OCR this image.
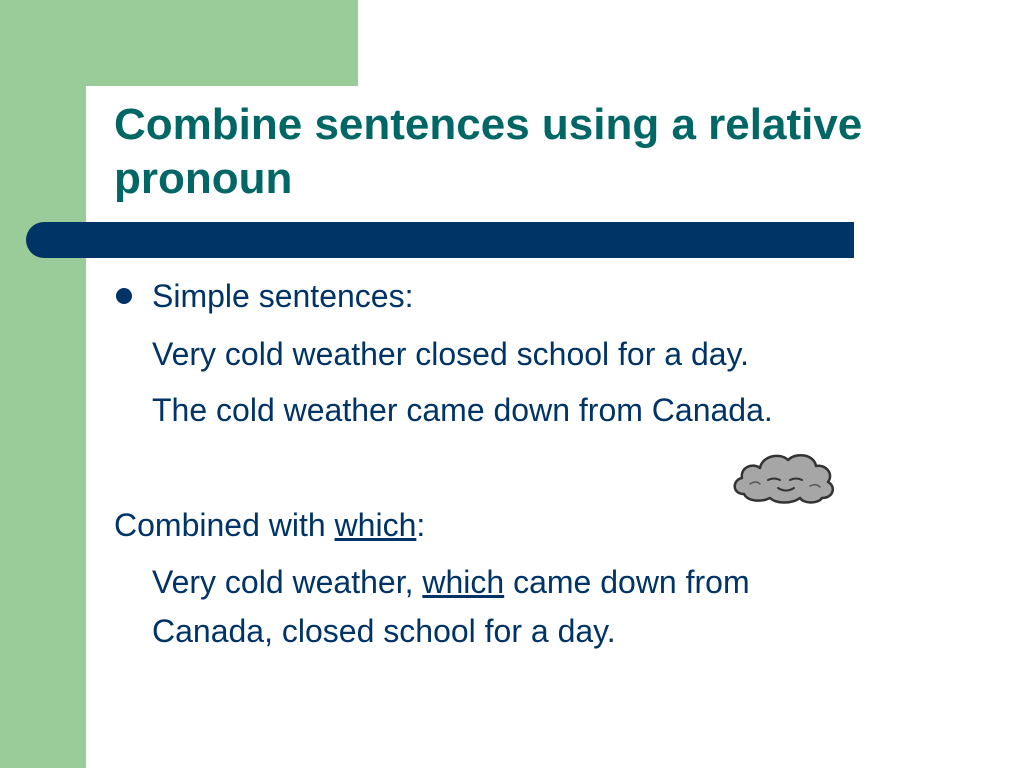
Combine sentences using a relative pronoun
Simple sentences:
Very cold weather closed school for a day.
The cold weather came down from Canada.
Combined with which:
Very cold weather, which came down from
Canada, closed school for a day.
